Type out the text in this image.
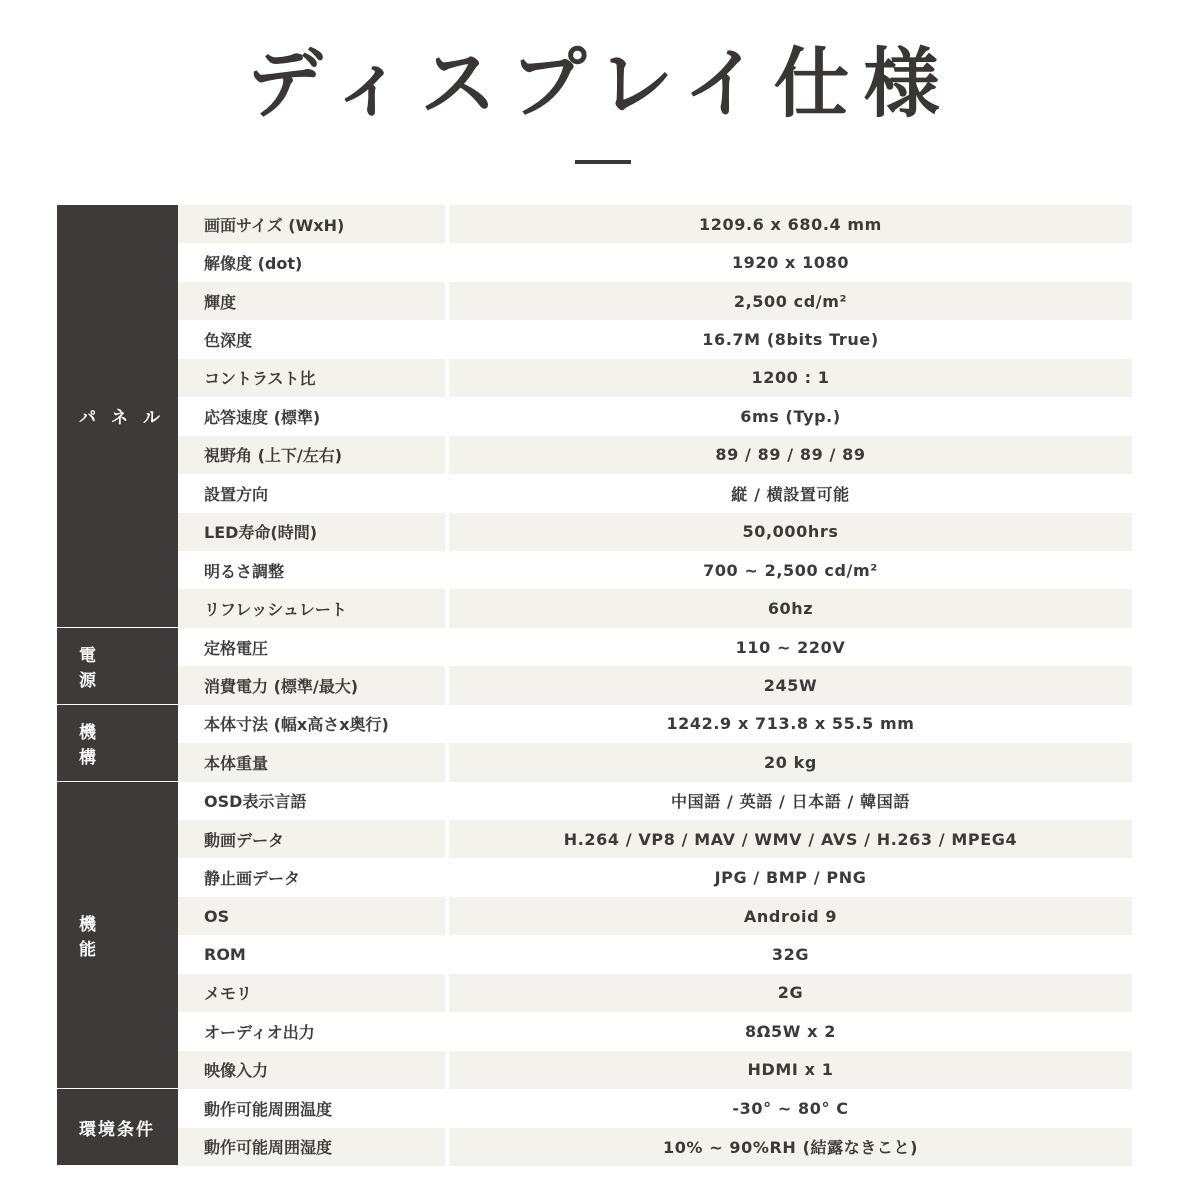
ディスプレイ仕様
パネル
画面サイズ (WxH)	1209.6 x 680.4 mm
解像度 (dot)	1920 x 1080
輝度	2,500 cd/m²
色深度	16.7M (8bits True)
コントラスト比	1200 : 1
応答速度 (標準)	6ms (Typ.)
視野角 (上下/左右)	89 / 89 / 89 / 89
設置方向	縦 / 横設置可能
LED寿命(時間)	50,000hrs
明るさ調整	700 ~ 2,500 cd/m²
リフレッシュレート	60hz
電源
定格電圧	110 ~ 220V
消費電力 (標準/最大)	245W
機構
本体寸法 (幅x高さx奥行)	1242.9 x 713.8 x 55.5 mm
本体重量	20 kg
機能
OSD表示言語	中国語 / 英語 / 日本語 / 韓国語
動画データ	H.264 / VP8 / MAV / WMV / AVS / H.263 / MPEG4
静止画データ	JPG / BMP / PNG
OS	Android 9
ROM	32G
メモリ	2G
オーディオ出力	8Ω5W x 2
映像入力	HDMI x 1
環境条件
動作可能周囲温度	-30° ~ 80° C
動作可能周囲湿度	10% ~ 90%RH (結露なきこと)
